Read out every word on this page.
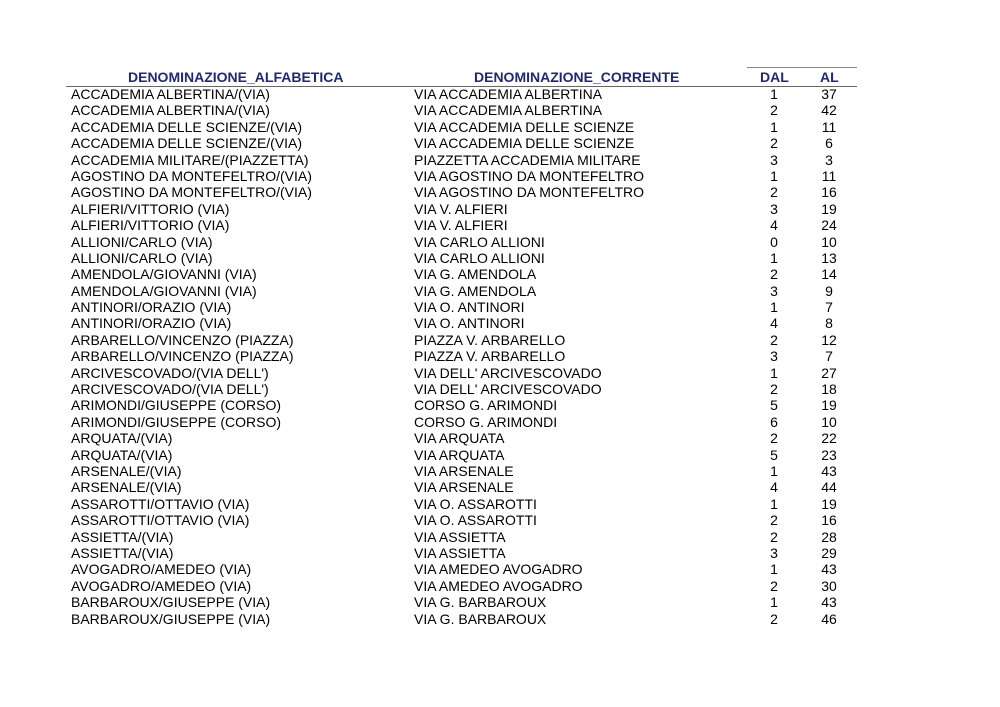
DENOMINAZIONE_ALFABETICA	DENOMINAZIONE_CORRENTE	DAL AL
ACCADEMIA ALBERTINA/(VIA)	VIA ACCADEMIA ALBERTINA	1	37
ACCADEMIA ALBERTINA/(VIA)	VIA ACCADEMIA ALBERTINA	2	42
ACCADEMIA DELLE SCIENZE/(VIA)	VIA ACCADEMIA DELLE SCIENZE	1	11
ACCADEMIA DELLE SCIENZE/(VIA)	VIA ACCADEMIA DELLE SCIENZE	2	6
ACCADEMIA MILITARE/(PIAZZETTA)	PIAZZETTA ACCADEMIA MILITARE	3	3
AGOSTINO DA MONTEFELTRO/(VIA)	VIA AGOSTINO DA MONTEFELTRO	1	11
AGOSTINO DA MONTEFELTRO/(VIA)	VIA AGOSTINO DA MONTEFELTRO	2	16
ALFIERI/VITTORIO (VIA)	VIA V. ALFIERI	3	19
ALFIERI/VITTORIO (VIA)	VIA V. ALFIERI	4	24
ALLIONI/CARLO (VIA)	VIA CARLO ALLIONI	0	10
ALLIONI/CARLO (VIA)	VIA CARLO ALLIONI	1	13
AMENDOLA/GIOVANNI (VIA)	VIA G. AMENDOLA	2	14
AMENDOLA/GIOVANNI (VIA)	VIA G. AMENDOLA	3	9
ANTINORI/ORAZIO (VIA)	VIA O. ANTINORI	1	7
ANTINORI/ORAZIO (VIA)	VIA O. ANTINORI	4	8
ARBARELLO/VINCENZO (PIAZZA)	PIAZZA V. ARBARELLO	2	12
ARBARELLO/VINCENZO (PIAZZA)	PIAZZA V. ARBARELLO	3	7
ARCIVESCOVADO/(VIA DELL')	VIA DELL' ARCIVESCOVADO	1	27
ARCIVESCOVADO/(VIA DELL')	VIA DELL' ARCIVESCOVADO	2	18
ARIMONDI/GIUSEPPE (CORSO)	CORSO G. ARIMONDI	5	19
ARIMONDI/GIUSEPPE (CORSO)	CORSO G. ARIMONDI	6	10
ARQUATA/(VIA)	VIA ARQUATA	2	22
ARQUATA/(VIA)	VIA ARQUATA	5	23
ARSENALE/(VIA)	VIA ARSENALE	1	43
ARSENALE/(VIA)	VIA ARSENALE	4	44
ASSAROTTI/OTTAVIO (VIA)	VIA O. ASSAROTTI	1	19
ASSAROTTI/OTTAVIO (VIA)	VIA O. ASSAROTTI	2	16
ASSIETTA/(VIA)	VIA ASSIETTA	2	28
ASSIETTA/(VIA)	VIA ASSIETTA	3	29
AVOGADRO/AMEDEO (VIA)	VIA AMEDEO AVOGADRO	1	43
AVOGADRO/AMEDEO (VIA)	VIA AMEDEO AVOGADRO	2	30
BARBAROUX/GIUSEPPE (VIA)	VIA G. BARBAROUX	1	43
BARBAROUX/GIUSEPPE (VIA)	VIA G. BARBAROUX	2	46
